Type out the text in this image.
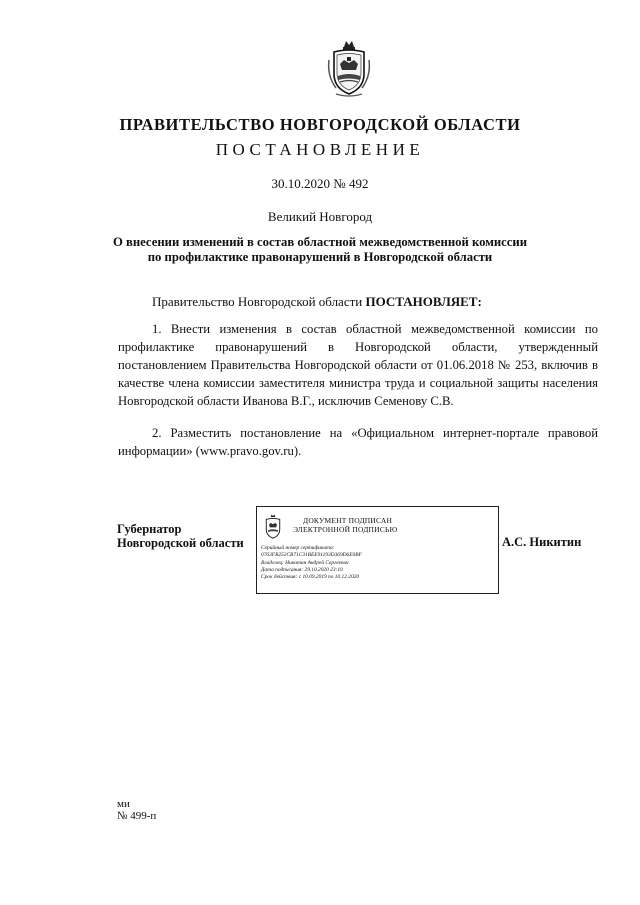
ПРАВИТЕЛЬСТВО НОВГОРОДСКОЙ ОБЛАСТИ
ПОСТАНОВЛЕНИЕ
30.10.2020 № 492
Великий Новгород
О внесении изменений в состав областной межведомственной комиссии
по профилактике правонарушений в Новгородской области
Правительство Новгородской области ПОСТАНОВЛЯЕТ:
1. Внести изменения в состав областной межведомственной комиссии по профилактике правонарушений в Новгородской области, утвержденный постановлением Правительства Новгородской области от 01.06.2018 № 253, включив в качестве члена комиссии заместителя министра труда и социальной защиты населения Новгородской области Иванова В.Г., исключив Семенову С.В.
2. Разместить постановление на «Официальном интернет-портале правовой информации» (www.pravo.gov.ru).
Губернатор
Новгородской области
ДОКУМЕНТ ПОДПИСАН
ЭЛЕКТРОННОЙ ПОДПИСЬЮ
Серийный номер сертификата:
0763FB252CB71C31BEE91193D369D6E0BF
Владелец: Никитин Андрей Сергеевич
Дата подписания: 29.10.2020 23:10
Срок действия: с 10.09.2019 по 10.12.2020
А.С. Никитин
ми
№ 499-п
